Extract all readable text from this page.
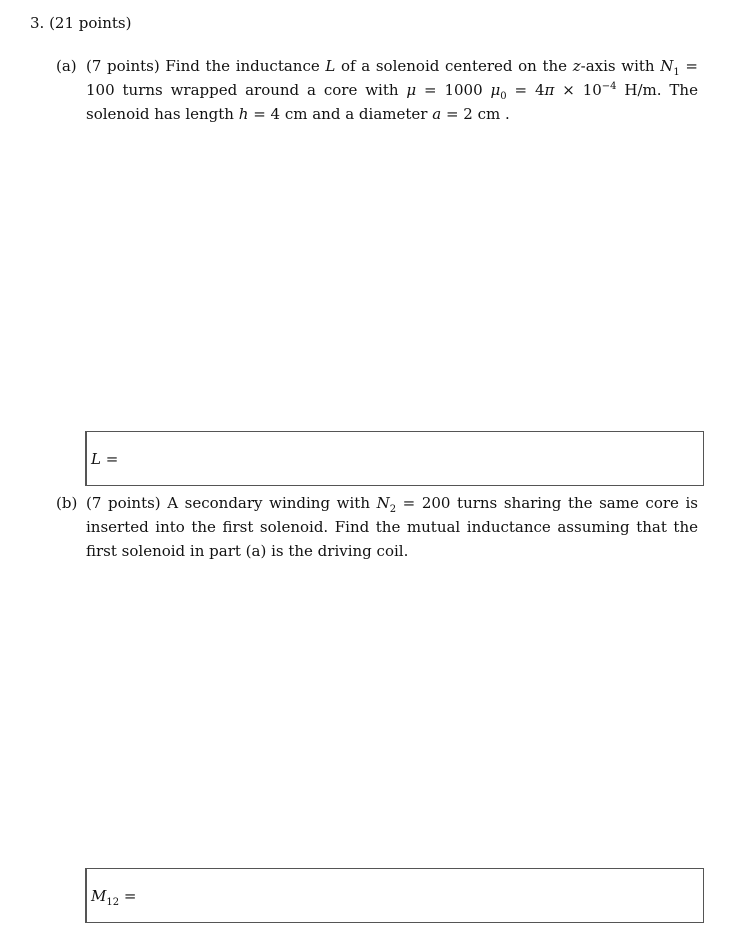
3. (21 points)
(a) (7 points) Find the inductance L of a solenoid centered on the z-axis with $N_1 = 100$ turns wrapped around a core with μ = 1000 $\mu_0 = 4\pi \times 10^{-4}$ H/m. The solenoid has length h = 4 cm and a diameter a = 2 cm .
L =
(b) (7 points) A secondary winding with $N_2 = 200$ turns sharing the same core is inserted into the first solenoid. Find the mutual inductance assuming that the first solenoid in part (a) is the driving coil.
$M_{12}$ =
